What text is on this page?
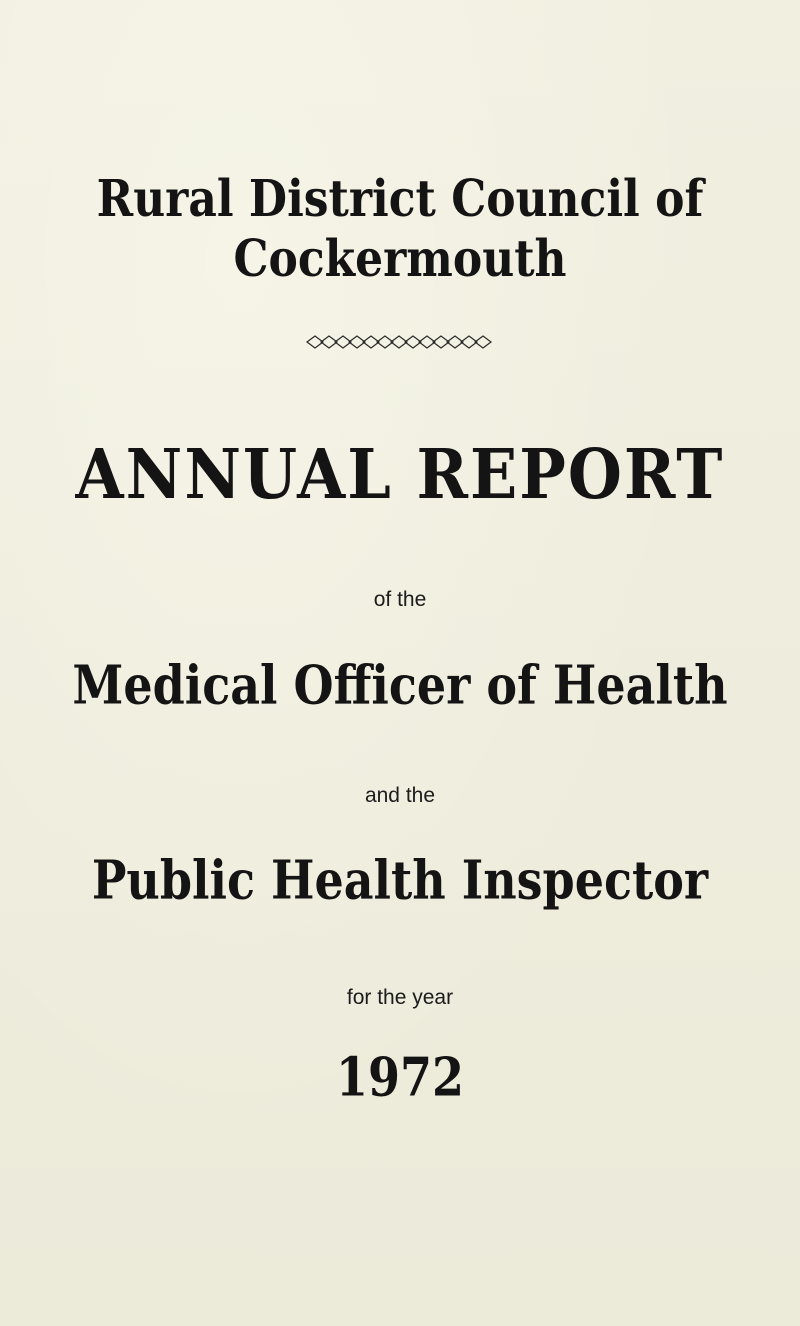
Rural District Council of
Cockermouth
ANNUAL REPORT

of the

Medical Officer of Health

and the

Public Health Inspector

for the year

1972
